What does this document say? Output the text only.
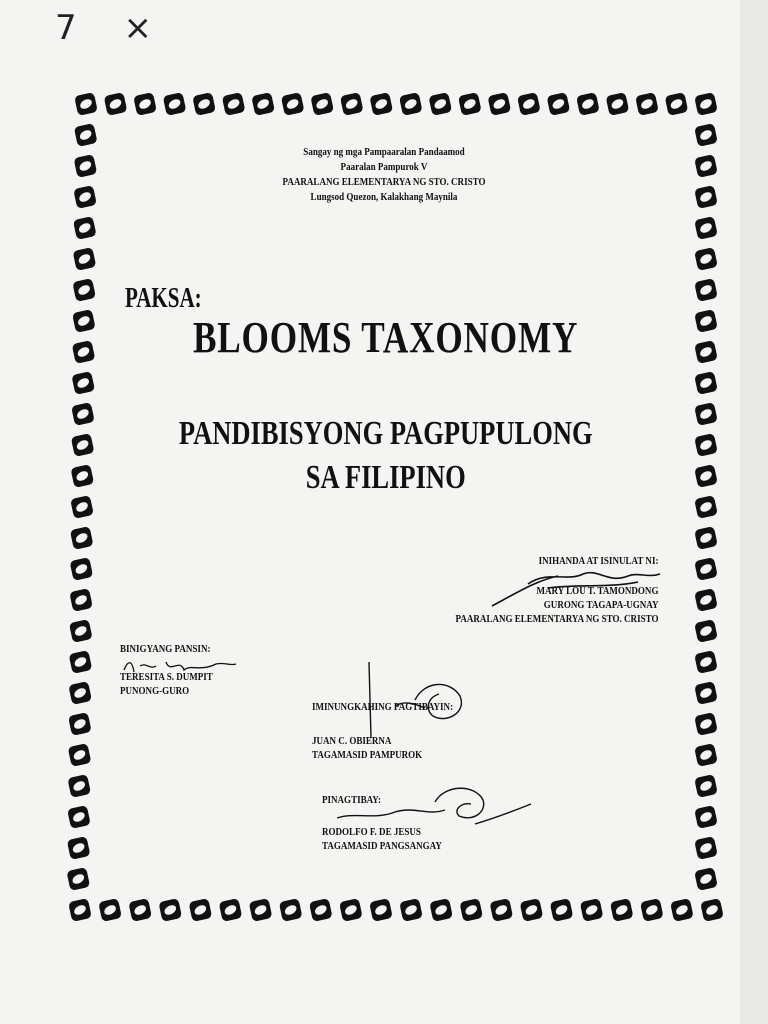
7 ×
Sangay ng mga Pampaaralan Pandaamod
Paaralan Pampurok V
PAARALANG ELEMENTARYA NG STO. CRISTO
Lungsod Quezon, Kalakhang Maynila
PAKSA:
BLOOMS TAXONOMY
PANDIBISYONG PAGPUPULONG
SA FILIPINO
INIHANDA AT ISINULAT NI:
MARY LOU T. TAMONDONG
GURONG TAGAPA-UGNAY
PAARALANG ELEMENTARYA NG STO. CRISTO
BINIGYANG PANSIN:
TERESITA S. DUMPIT
PUNONG-GURO
IMINUNGKAHING PAGTIBAYIN:
JUAN C. OBIERNA
TAGAMASID PAMPUROK
PINAGTIBAY:
RODOLFO F. DE JESUS
TAGAMASID PANGSANGAY
